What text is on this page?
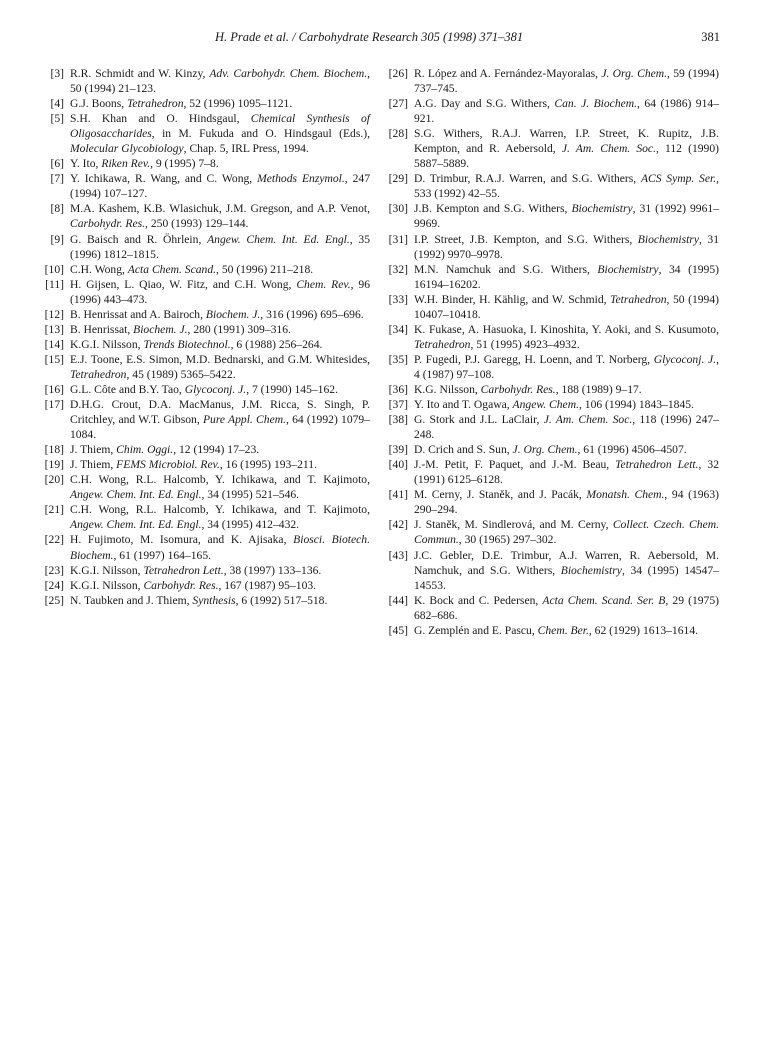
H. Prade et al. / Carbohydrate Research 305 (1998) 371–381	381
[3] R.R. Schmidt and W. Kinzy, Adv. Carbohydr. Chem. Biochem., 50 (1994) 21–123.
[4] G.J. Boons, Tetrahedron, 52 (1996) 1095–1121.
[5] S.H. Khan and O. Hindsgaul, Chemical Synthesis of Oligosaccharides, in M. Fukuda and O. Hindsgaul (Eds.), Molecular Glycobiology, Chap. 5, IRL Press, 1994.
[6] Y. Ito, Riken Rev., 9 (1995) 7–8.
[7] Y. Ichikawa, R. Wang, and C. Wong, Methods Enzymol., 247 (1994) 107–127.
[8] M.A. Kashem, K.B. Wlasichuk, J.M. Gregson, and A.P. Venot, Carbohydr. Res., 250 (1993) 129–144.
[9] G. Baisch and R. Öhrlein, Angew. Chem. Int. Ed. Engl., 35 (1996) 1812–1815.
[10] C.H. Wong, Acta Chem. Scand., 50 (1996) 211–218.
[11] H. Gijsen, L. Qiao, W. Fitz, and C.H. Wong, Chem. Rev., 96 (1996) 443–473.
[12] B. Henrissat and A. Bairoch, Biochem. J., 316 (1996) 695–696.
[13] B. Henrissat, Biochem. J., 280 (1991) 309–316.
[14] K.G.I. Nilsson, Trends Biotechnol., 6 (1988) 256–264.
[15] E.J. Toone, E.S. Simon, M.D. Bednarski, and G.M. Whitesides, Tetrahedron, 45 (1989) 5365–5422.
[16] G.L. Côte and B.Y. Tao, Glycoconj. J., 7 (1990) 145–162.
[17] D.H.G. Crout, D.A. MacManus, J.M. Ricca, S. Singh, P. Critchley, and W.T. Gibson, Pure Appl. Chem., 64 (1992) 1079–1084.
[18] J. Thiem, Chim. Oggi., 12 (1994) 17–23.
[19] J. Thiem, FEMS Microbiol. Rev., 16 (1995) 193–211.
[20] C.H. Wong, R.L. Halcomb, Y. Ichikawa, and T. Kajimoto, Angew. Chem. Int. Ed. Engl., 34 (1995) 521–546.
[21] C.H. Wong, R.L. Halcomb, Y. Ichikawa, and T. Kajimoto, Angew. Chem. Int. Ed. Engl., 34 (1995) 412–432.
[22] H. Fujimoto, M. Isomura, and K. Ajisaka, Biosci. Biotech. Biochem., 61 (1997) 164–165.
[23] K.G.I. Nilsson, Tetrahedron Lett., 38 (1997) 133–136.
[24] K.G.I. Nilsson, Carbohydr. Res., 167 (1987) 95–103.
[25] N. Taubken and J. Thiem, Synthesis, 6 (1992) 517–518.
[26] R. López and A. Fernández-Mayoralas, J. Org. Chem., 59 (1994) 737–745.
[27] A.G. Day and S.G. Withers, Can. J. Biochem., 64 (1986) 914–921.
[28] S.G. Withers, R.A.J. Warren, I.P. Street, K. Rupitz, J.B. Kempton, and R. Aebersold, J. Am. Chem. Soc., 112 (1990) 5887–5889.
[29] D. Trimbur, R.A.J. Warren, and S.G. Withers, ACS Symp. Ser., 533 (1992) 42–55.
[30] J.B. Kempton and S.G. Withers, Biochemistry, 31 (1992) 9961–9969.
[31] I.P. Street, J.B. Kempton, and S.G. Withers, Biochemistry, 31 (1992) 9970–9978.
[32] M.N. Namchuk and S.G. Withers, Biochemistry, 34 (1995) 16194–16202.
[33] W.H. Binder, H. Kählig, and W. Schmid, Tetrahedron, 50 (1994) 10407–10418.
[34] K. Fukase, A. Hasuoka, I. Kinoshita, Y. Aoki, and S. Kusumoto, Tetrahedron, 51 (1995) 4923–4932.
[35] P. Fugedi, P.J. Garegg, H. Loenn, and T. Norberg, Glycoconj. J., 4 (1987) 97–108.
[36] K.G. Nilsson, Carbohydr. Res., 188 (1989) 9–17.
[37] Y. Ito and T. Ogawa, Angew. Chem., 106 (1994) 1843–1845.
[38] G. Stork and J.L. LaClair, J. Am. Chem. Soc., 118 (1996) 247–248.
[39] D. Crich and S. Sun, J. Org. Chem., 61 (1996) 4506–4507.
[40] J.-M. Petit, F. Paquet, and J.-M. Beau, Tetrahedron Lett., 32 (1991) 6125–6128.
[41] M. Cerny, J. Staněk, and J. Pacák, Monatsh. Chem., 94 (1963) 290–294.
[42] J. Staněk, M. Sindlerová, and M. Cerny, Collect. Czech. Chem. Commun., 30 (1965) 297–302.
[43] J.C. Gebler, D.E. Trimbur, A.J. Warren, R. Aebersold, M. Namchuk, and S.G. Withers, Biochemistry, 34 (1995) 14547–14553.
[44] K. Bock and C. Pedersen, Acta Chem. Scand. Ser. B, 29 (1975) 682–686.
[45] G. Zemplén and E. Pascu, Chem. Ber., 62 (1929) 1613–1614.
